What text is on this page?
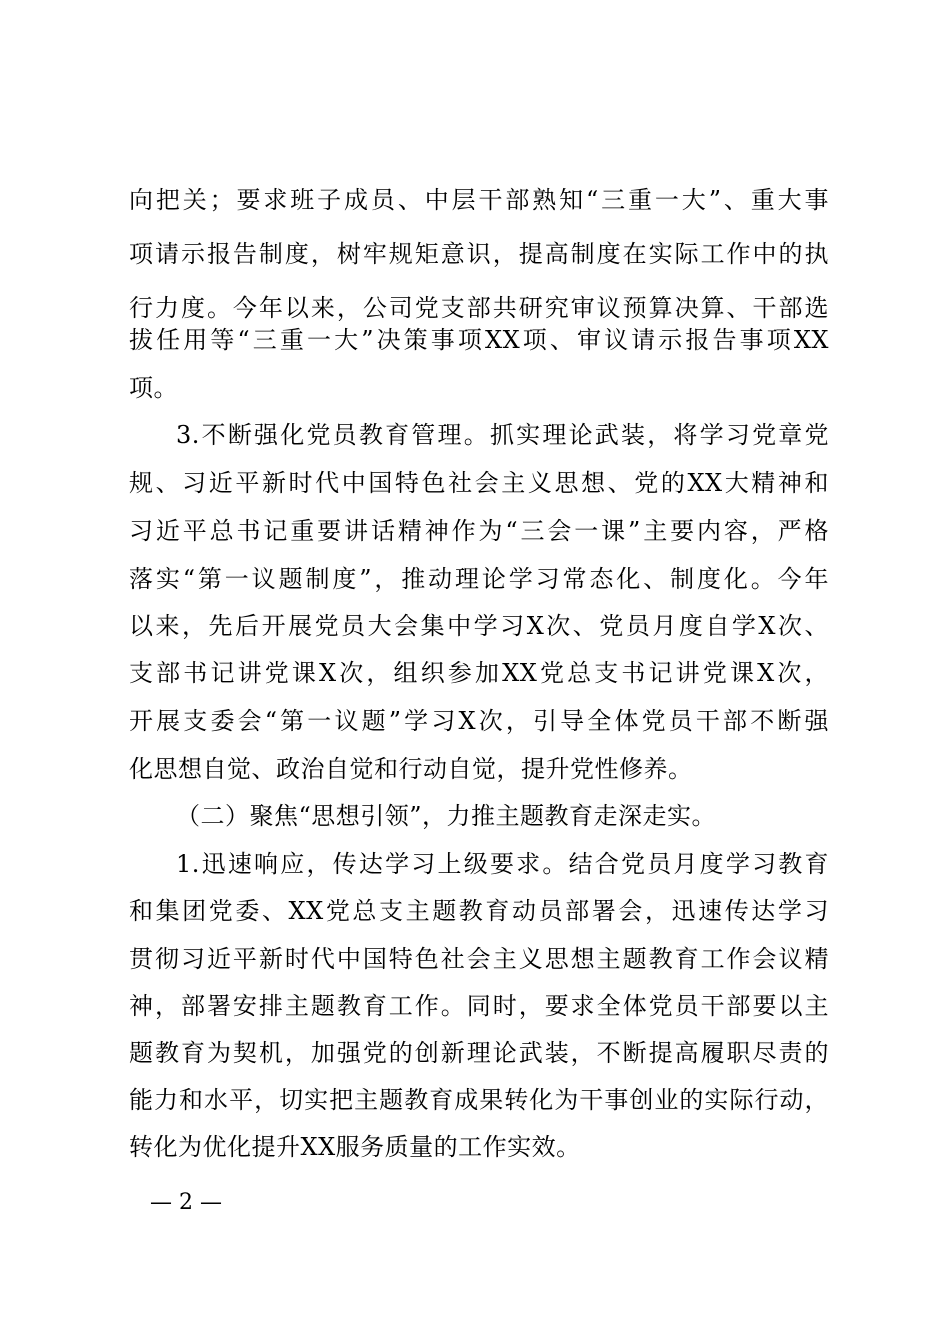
向把关；要求班子成员、中层干部熟知“三重一大”、重大事
项请示报告制度，树牢规矩意识，提高制度在实际工作中的执
行力度。今年以来，公司党支部共研究审议预算决算、干部选
拔任用等“三重一大”决策事项XX项、审议请示报告事项XX
项。
3.不断强化党员教育管理。抓实理论武装，将学习党章党
规、习近平新时代中国特色社会主义思想、党的XX大精神和
习近平总书记重要讲话精神作为“三会一课”主要内容，严格
落实“第一议题制度”，推动理论学习常态化、制度化。今年
以来，先后开展党员大会集中学习X次、党员月度自学X次、
支部书记讲党课X次，组织参加XX党总支书记讲党课X次，
开展支委会“第一议题”学习X次，引导全体党员干部不断强
化思想自觉、政治自觉和行动自觉，提升党性修养。
（二）聚焦“思想引领”，力推主题教育走深走实。
1.迅速响应，传达学习上级要求。结合党员月度学习教育
和集团党委、XX党总支主题教育动员部署会，迅速传达学习
贯彻习近平新时代中国特色社会主义思想主题教育工作会议精
神，部署安排主题教育工作。同时，要求全体党员干部要以主
题教育为契机，加强党的创新理论武装，不断提高履职尽责的
能力和水平，切实把主题教育成果转化为干事创业的实际行动，
转化为优化提升XX服务质量的工作实效。
— 2 —
